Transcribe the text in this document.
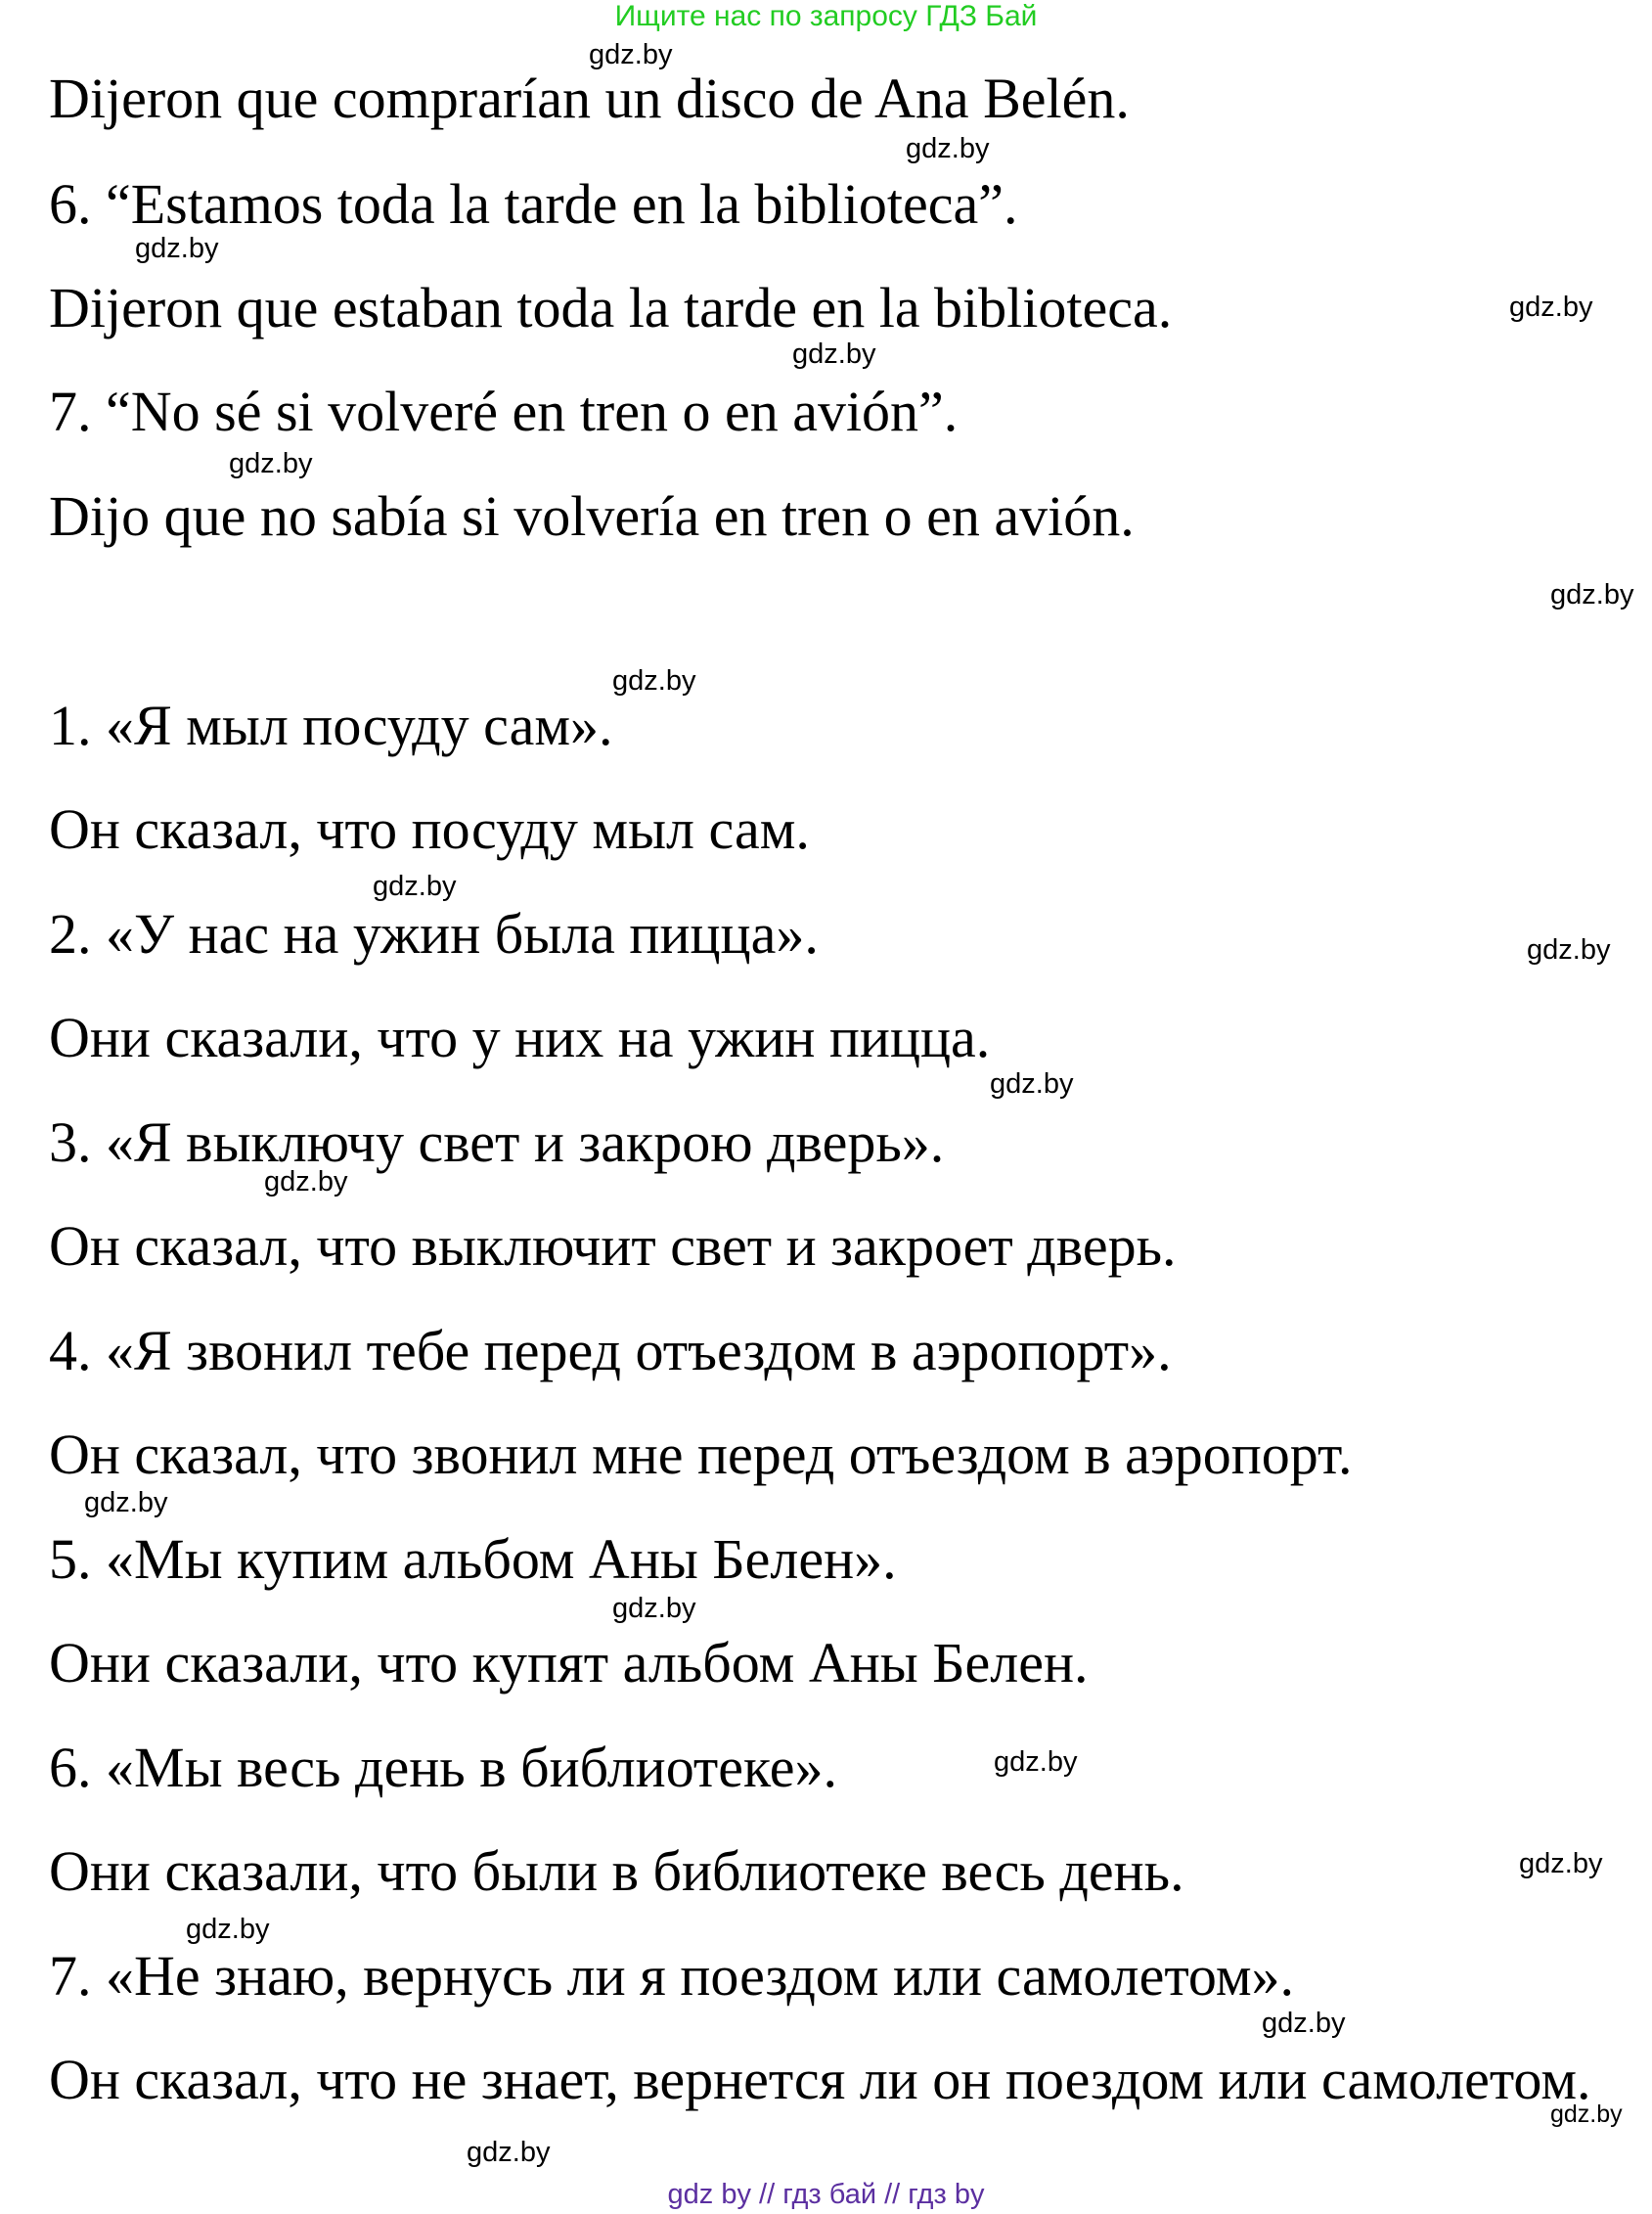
Ищите нас по запросу ГДЗ Бай
Dijeron que comprarían un disco de Ana Belén.
6. “Estamos toda la tarde en la biblioteca”.
Dijeron que estaban toda la tarde en la biblioteca.
7. “No sé si volveré en tren o en avión”.
Dijo que no sabía si volvería en tren o en avión.
1. «Я мыл посуду сам».
Он сказал, что посуду мыл сам.
2. «У нас на ужин была пицца».
Они сказали, что у них на ужин пицца.
3. «Я выключу свет и закрою дверь».
Он сказал, что выключит свет и закроет дверь.
4. «Я звонил тебе перед отъездом в аэропорт».
Он сказал, что звонил мне перед отъездом в аэропорт.
5. «Мы купим альбом Аны Белен».
Они сказали, что купят альбом Аны Белен.
6. «Мы весь день в библиотеке».
Они сказали, что были в библиотеке весь день.
7. «Не знаю, вернусь ли я поездом или самолетом».
Он сказал, что не знает, вернется ли он поездом или самолетом.
gdz.by
gdz.by
gdz.by
gdz.by
gdz.by
gdz.by
gdz.by
gdz.by
gdz.by
gdz.by
gdz.by
gdz.by
gdz.by
gdz.by
gdz.by
gdz.by
gdz.by
gdz.by
gdz.by
gdz.by
gdz by // гдз бай // гдз by
